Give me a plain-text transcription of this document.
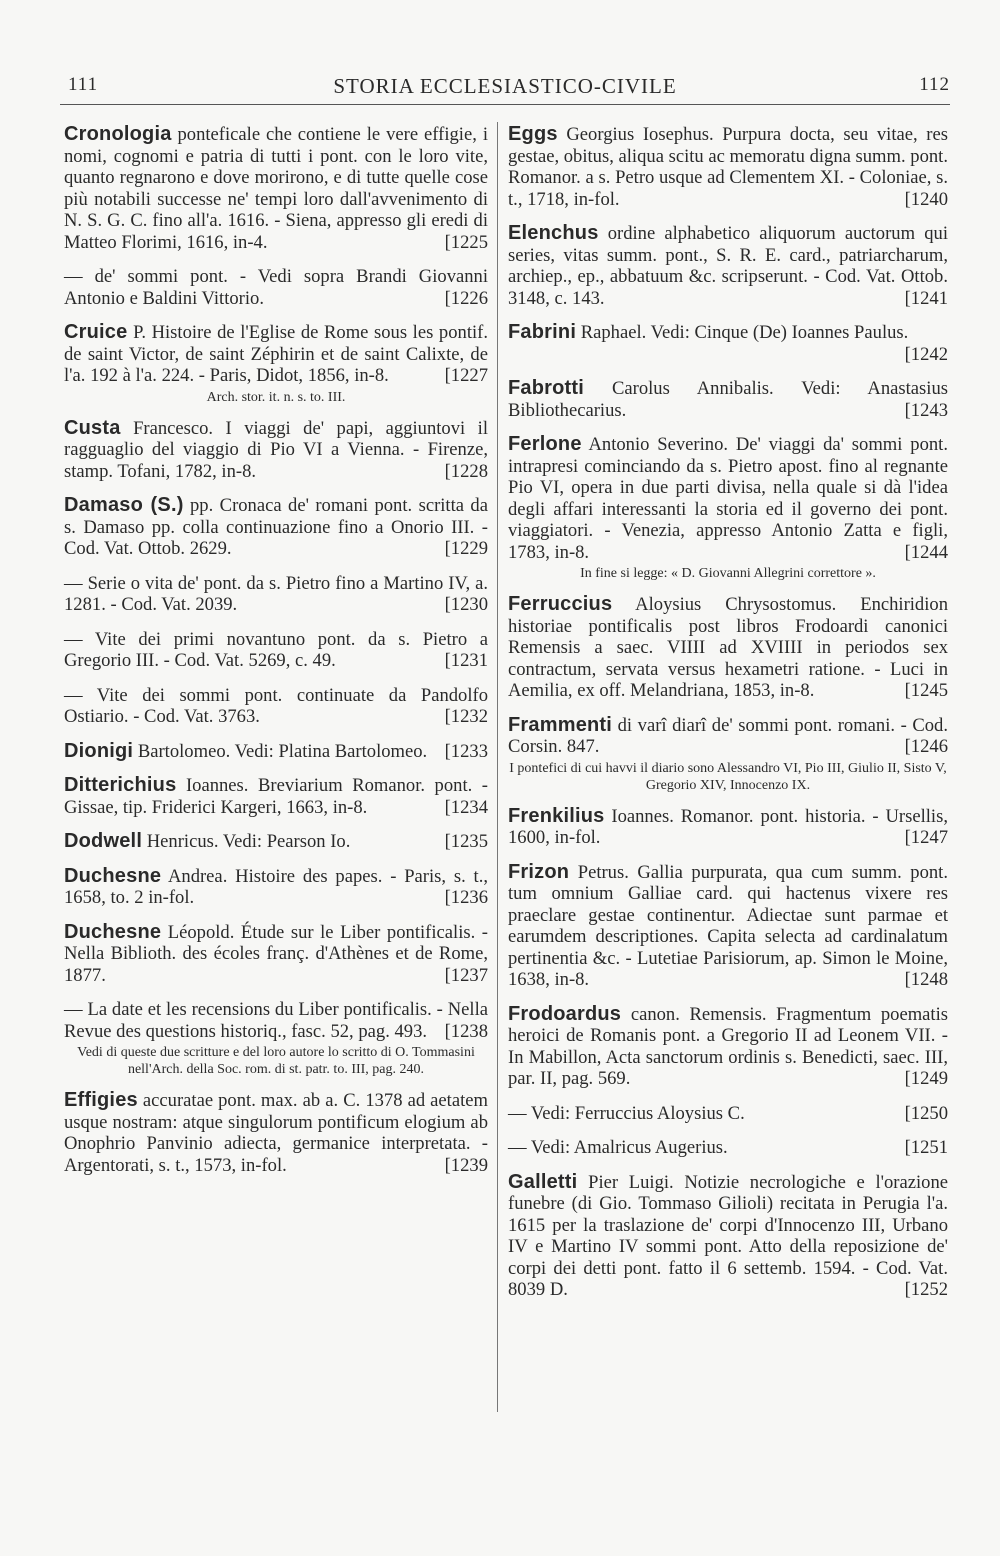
111	STORIA ECCLESIASTICO-CIVILE	112
Cronologia ponteficale che contiene le vere effigie, i nomi, cognomi e patria di tutti i pont. con le loro vite, quanto regnarono e dove morirono, e di tutte quelle cose più notabili successe ne' tempi loro dall'avvenimento di N. S. G. C. fino all'a. 1616. - Siena, appresso gli eredi di Matteo Florimi, 1616, in-4.	[1225
— de' sommi pont. - Vedi sopra Brandi Giovanni Antonio e Baldini Vittorio.	[1226
Cruice P. Histoire de l'Eglise de Rome sous les pontif. de saint Victor, de saint Zéphirin et de saint Calixte, de l'a. 192 à l'a. 224. - Paris, Didot, 1856, in-8.	[1227
Arch. stor. it. n. s. to. III.
Custa Francesco. I viaggi de' papi, aggiuntovi il ragguaglio del viaggio di Pio VI a Vienna. - Firenze, stamp. Tofani, 1782, in-8.	[1228
Damaso (S.) pp. Cronaca de' romani pont. scritta da s. Damaso pp. colla continuazione fino a Onorio III. - Cod. Vat. Ottob. 2629.	[1229
— Serie o vita de' pont. da s. Pietro fino a Martino IV, a. 1281. - Cod. Vat. 2039.	[1230
— Vite dei primi novantuno pont. da s. Pietro a Gregorio III. - Cod. Vat. 5269, c. 49.	[1231
— Vite dei sommi pont. continuate da Pandolfo Ostiario. - Cod. Vat. 3763.	[1232
Dionigi Bartolomeo. Vedi: Platina Bartolomeo. [1233
Ditterichius Ioannes. Breviarium Romanor. pont. - Gissae, tip. Friderici Kargeri, 1663, in-8.	[1234
Dodwell Henricus. Vedi: Pearson Io.	[1235
Duchesne Andrea. Histoire des papes. - Paris, s. t., 1658, to. 2 in-fol.	[1236
Duchesne Léopold. Étude sur le Liber pontificalis. - Nella Biblioth. des écoles franç. d'Athènes et de Rome, 1877.	[1237
— La date et les recensions du Liber pontificalis. - Nella Revue des questions historiq., fasc. 52, pag. 493. [1238
Vedi di queste due scritture e del loro autore lo scritto di O. Tommasini nell'Arch. della Soc. rom. di st. patr. to. III, pag. 240.
Effigies accuratae pont. max. ab a. C. 1378 ad aetatem usque nostram: atque singulorum pontificum elogium ab Onophrio Panvinio adiecta, germanice interpretata. - Argentorati, s. t., 1573, in-fol.	[1239
Eggs Georgius Iosephus. Purpura docta, seu vitae, res gestae, obitus, aliqua scitu ac memoratu digna summ. pont. Romanor. a s. Petro usque ad Clementem XI. - Coloniae, s. t., 1718, in-fol.	[1240
Elenchus ordine alphabetico aliquorum auctorum qui series, vitas summ. pont., S. R. E. card., patriarcharum, archiep., ep., abbatuum &c. scripserunt. - Cod. Vat. Ottob. 3148, c. 143.	[1241
Fabrini Raphael. Vedi: Cinque (De) Ioannes Paulus.
[1242
Fabrotti Carolus Annibalis. Vedi: Anastasius Bibliothecarius.	[1243
Ferlone Antonio Severino. De' viaggi da' sommi pont. intrapresi cominciando da s. Pietro apost. fino al regnante Pio VI, opera in due parti divisa, nella quale si dà l'idea degli affari interessanti la storia ed il governo dei pont. viaggiatori. - Venezia, appresso Antonio Zatta e figli, 1783, in-8.	[1244
In fine si legge: « D. Giovanni Allegrini correttore ».
Ferruccius Aloysius Chrysostomus. Enchiridion historiae pontificalis post libros Frodoardi canonici Remensis a saec. VIIII ad XVIIII in periodos sex contractum, servata versus hexametri ratione. - Luci in Aemilia, ex off. Melandriana, 1853, in-8.	[1245
Frammenti di varî diarî de' sommi pont. romani. - Cod. Corsin. 847.	[1246
I pontefici di cui havvi il diario sono Alessandro VI, Pio III, Giulio II, Sisto V, Gregorio XIV, Innocenzo IX.
Frenkilius Ioannes. Romanor. pont. historia. - Ursellis, 1600, in-fol.	[1247
Frizon Petrus. Gallia purpurata, qua cum summ. pont. tum omnium Galliae card. qui hactenus vixere res praeclare gestae continentur. Adiectae sunt parmae et earumdem descriptiones. Capita selecta ad cardinalatum pertinentia &c. - Lutetiae Parisiorum, ap. Simon le Moine, 1638, in-8.	[1248
Frodoardus canon. Remensis. Fragmentum poematis heroici de Romanis pont. a Gregorio II ad Leonem VII. - In Mabillon, Acta sanctorum ordinis s. Benedicti, saec. III, par. II, pag. 569.	[1249
— Vedi: Ferruccius Aloysius C.	[1250
— Vedi: Amalricus Augerius.	[1251
Galletti Pier Luigi. Notizie necrologiche e l'orazione funebre (di Gio. Tommaso Gilioli) recitata in Perugia l'a. 1615 per la traslazione de' corpi d'Innocenzo III, Urbano IV e Martino IV sommi pont. Atto della reposizione de' corpi dei detti pont. fatto il 6 settemb. 1594. - Cod. Vat. 8039 D.	[1252
